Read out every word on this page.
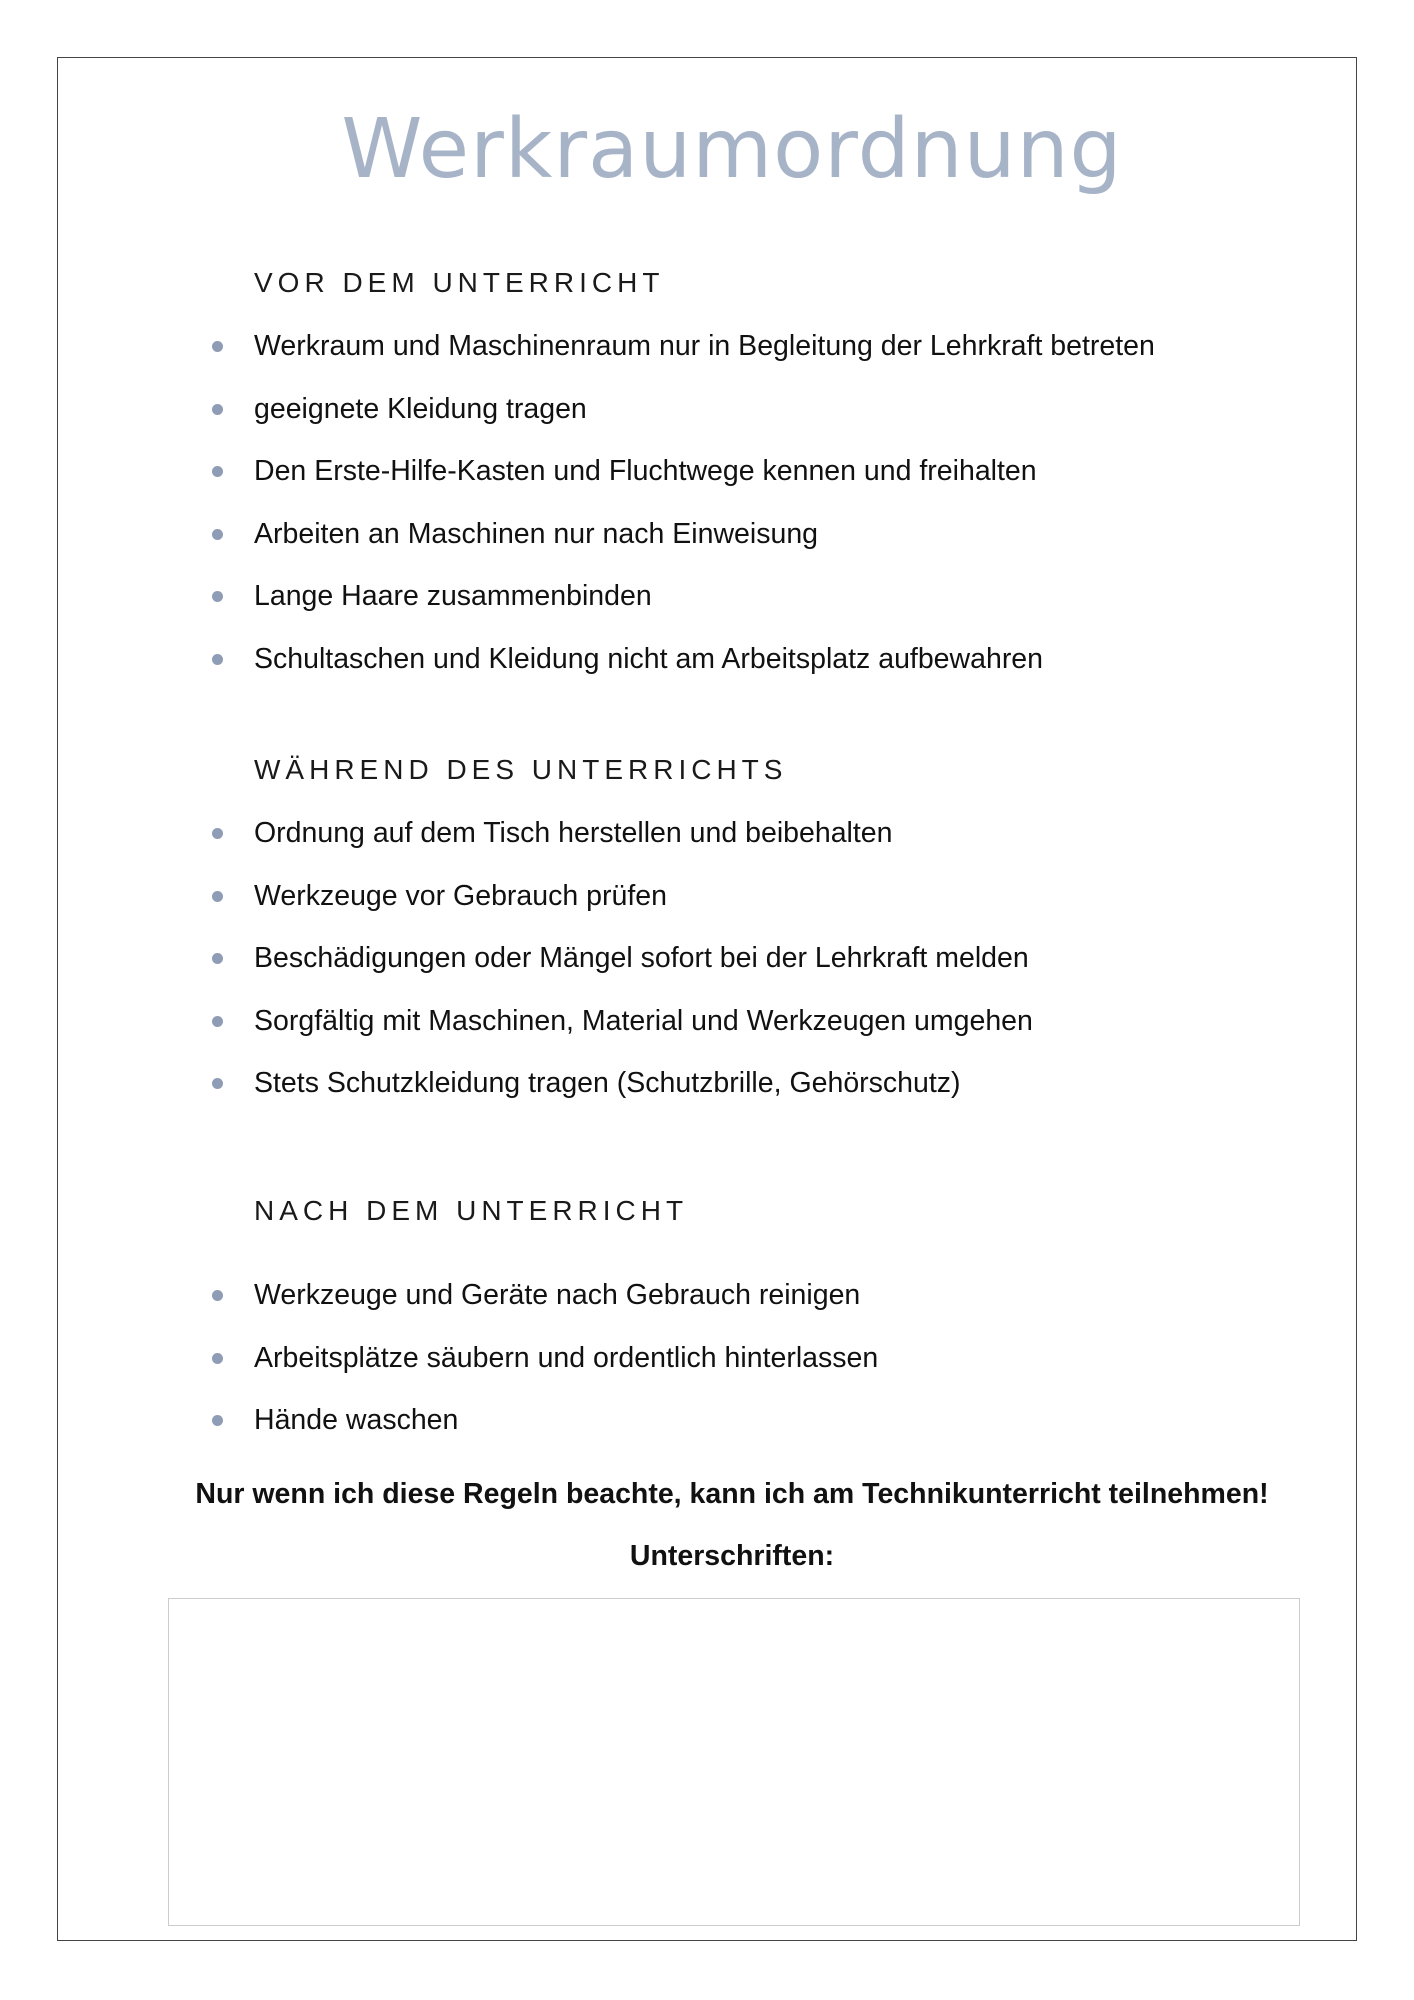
Werkraumordnung
VOR DEM UNTERRICHT
Werkraum und Maschinenraum nur in Begleitung der Lehrkraft betreten
geeignete Kleidung tragen
Den Erste-Hilfe-Kasten und Fluchtwege kennen und freihalten
Arbeiten an Maschinen nur nach Einweisung
Lange Haare zusammenbinden
Schultaschen und Kleidung nicht am Arbeitsplatz aufbewahren
WÄHREND DES UNTERRICHTS
Ordnung auf dem Tisch herstellen und beibehalten
Werkzeuge vor Gebrauch prüfen
Beschädigungen oder Mängel sofort bei der Lehrkraft melden
Sorgfältig mit Maschinen, Material und Werkzeugen umgehen
Stets Schutzkleidung tragen (Schutzbrille, Gehörschutz)
NACH DEM UNTERRICHT
Werkzeuge und Geräte nach Gebrauch reinigen
Arbeitsplätze säubern und ordentlich hinterlassen
Hände waschen
Nur wenn ich diese Regeln beachte, kann ich am Technikunterricht teilnehmen!
Unterschriften:
